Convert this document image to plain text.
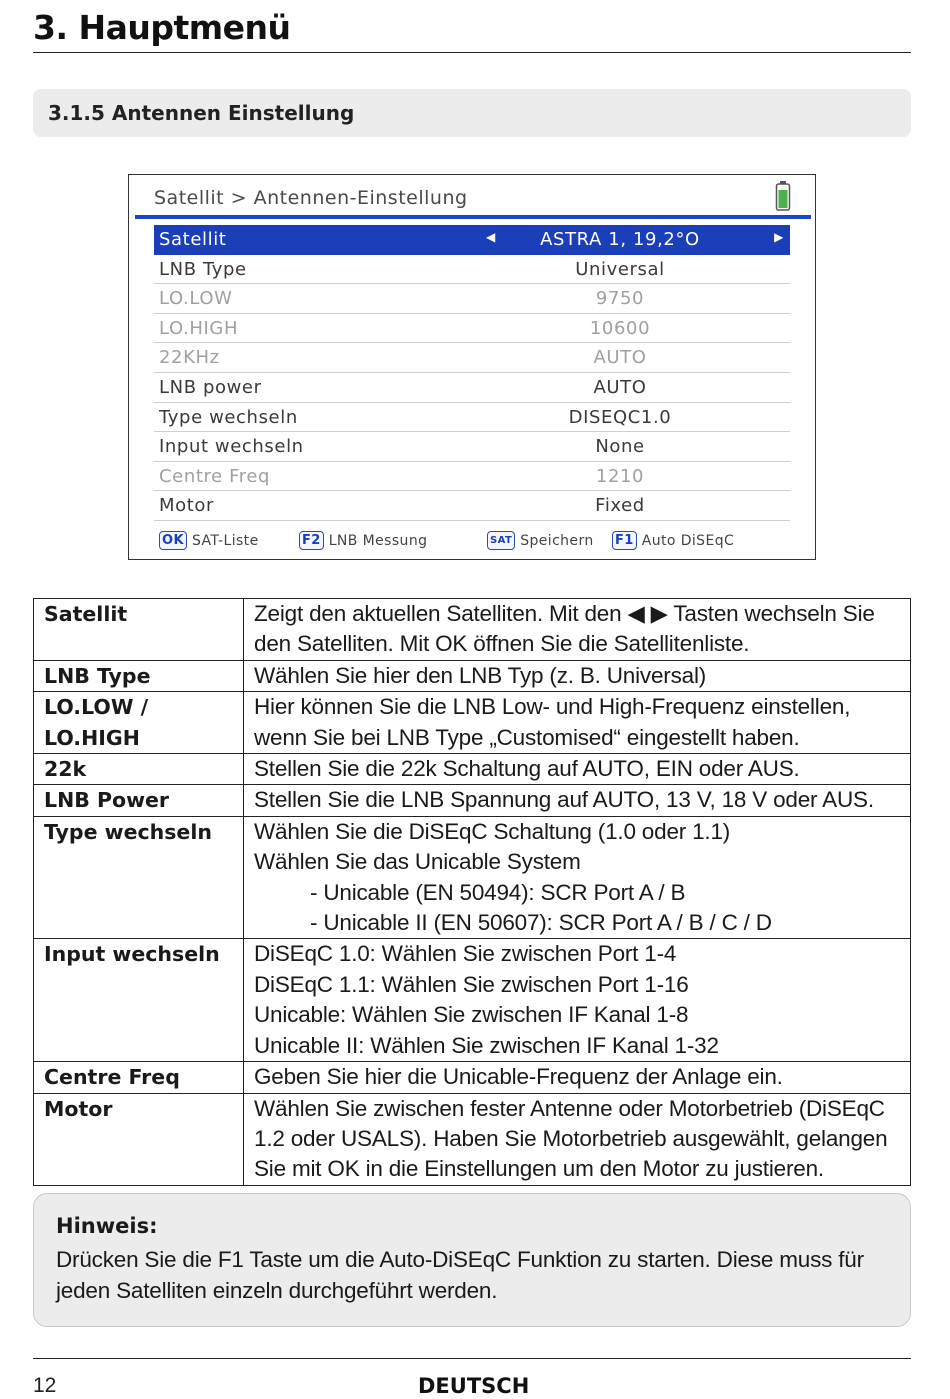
3. Hauptmenü
3.1.5 Antennen Einstellung
Satellit > Antennen-Einstellung
Satellit	ASTRA 1, 19,2°O
◀	▶
LNB Type	Universal
LO.LOW	9750
LO.HIGH	10600
22KHz	AUTO
LNB power	AUTO
Type wechseln	DISEQC1.0
Input wechseln	None
Centre Freq	1210
Motor	Fixed
OK SAT-Liste	F2 LNB Messung	SAT Speichern F1 Auto DiSEqC
Satellit	Zeigt den aktuellen Satelliten. Mit den ◀ ▶ Tasten wechseln Sie
den Satelliten. Mit OK öffnen Sie die Satellitenliste.

LNB Type	Wählen Sie hier den LNB Typ (z. B. Universal)

LO.LOW /
LO.HIGH	Hier können Sie die LNB Low- und High-Frequenz einstellen,
wenn Sie bei LNB Type „Customised“ eingestellt haben.

22k	Stellen Sie die 22k Schaltung auf AUTO, EIN oder AUS.

LNB Power	Stellen Sie die LNB Spannung auf AUTO, 13 V, 18 V oder AUS.

Type wechseln	Wählen Sie die DiSEqC Schaltung (1.0 oder 1.1)
Wählen Sie das Unicable System
- Unicable (EN 50494): SCR Port A / B
- Unicable II (EN 50607): SCR Port A / B / C / D

Input wechseln	DiSEqC 1.0: Wählen Sie zwischen Port 1-4
DiSEqC 1.1: Wählen Sie zwischen Port 1-16
Unicable: Wählen Sie zwischen IF Kanal 1-8
Unicable II: Wählen Sie zwischen IF Kanal 1-32

Centre Freq	Geben Sie hier die Unicable-Frequenz der Anlage ein.

Motor	Wählen Sie zwischen fester Antenne oder Motorbetrieb (DiSEqC
1.2 oder USALS). Haben Sie Motorbetrieb ausgewählt, gelangen
Sie mit OK in die Einstellungen um den Motor zu justieren.
Hinweis:
Drücken Sie die F1 Taste um die Auto-DiSEqC Funktion zu starten. Diese muss für jeden Satelliten einzeln durchgeführt werden.
12	DEUTSCH
